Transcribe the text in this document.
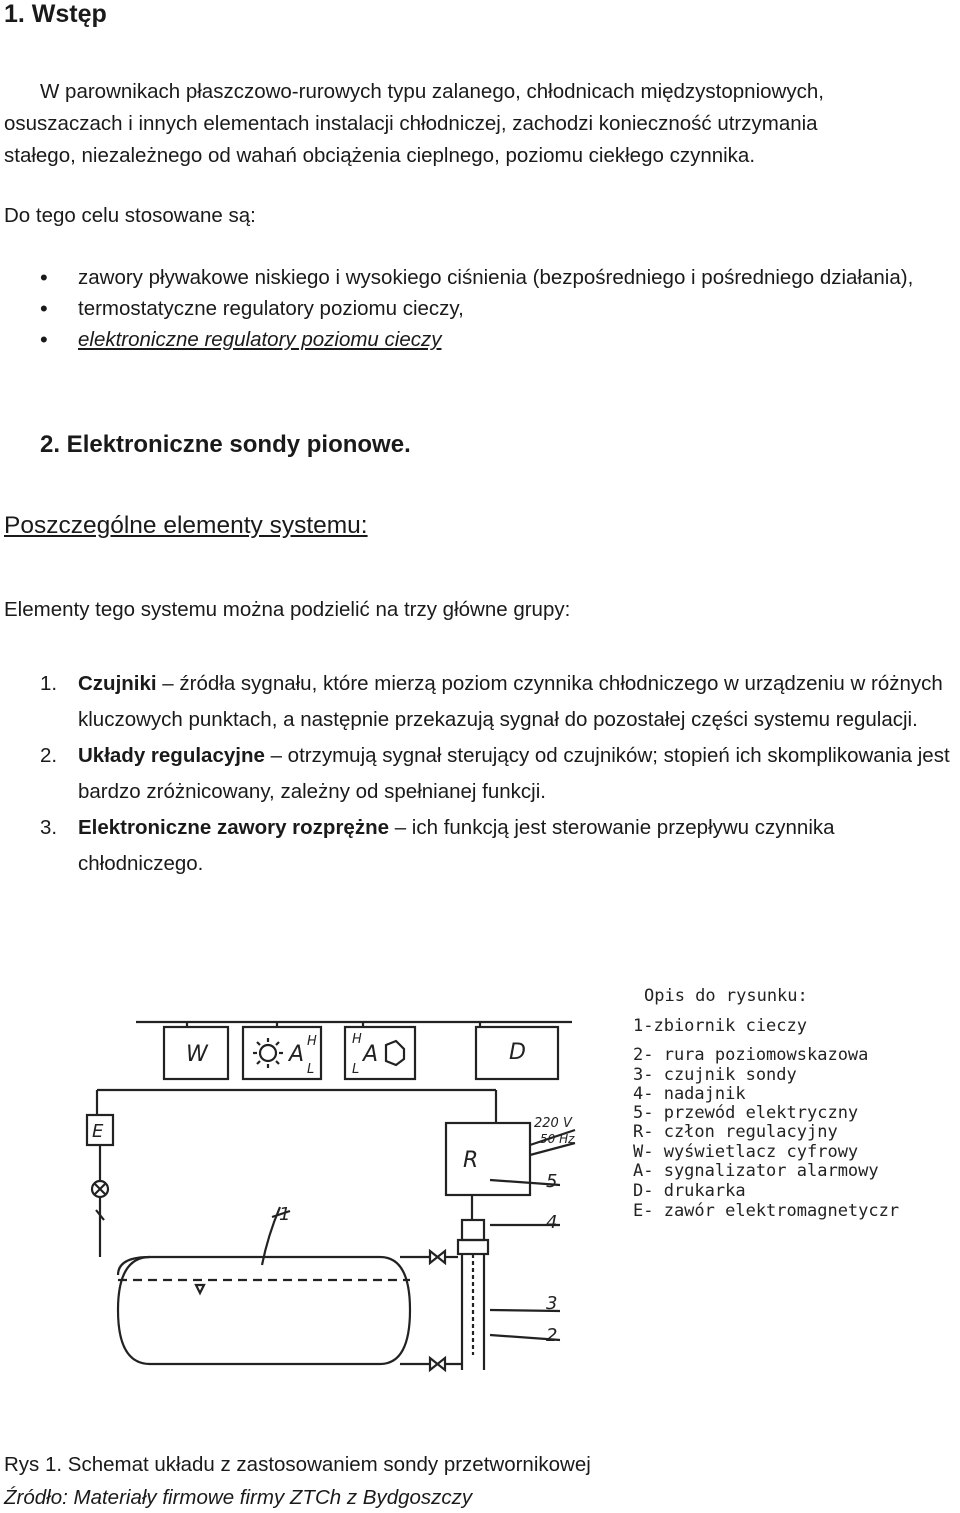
1. Wstęp
W parownikach płaszczowo-rurowych typu zalanego, chłodnicach międzystopniowych,
osuszaczach i innych elementach instalacji chłodniczej, zachodzi konieczność utrzymania
stałego, niezależnego od wahań obciążenia cieplnego, poziomu ciekłego czynnika.
Do tego celu stosowane są:
• zawory pływakowe niskiego i wysokiego ciśnienia (bezpośredniego i pośredniego działania),
• termostatyczne regulatory poziomu cieczy,
• elektroniczne regulatory poziomu cieczy
2. Elektroniczne sondy pionowe.
Poszczególne elementy systemu:
Elementy tego systemu można podzielić na trzy główne grupy:
1. Czujniki – źródła sygnału, które mierzą poziom czynnika chłodniczego w urządzeniu w różnych kluczowych punktach, a następnie przekazują sygnał do pozostałej części systemu regulacji.
2. Układy regulacyjne – otrzymują sygnał sterujący od czujników; stopień ich skomplikowania jest bardzo zróżnicowany, zależny od spełnianej funkcji.
3. Elektroniczne zawory rozprężne – ich funkcją jest sterowanie przepływu czynnika chłodniczego.
W	A
H
L
A
H
L
D
E
R
220 V
50 Hz
1
5
4
3
2
Opis do rysunku:
1-zbiornik cieczy
2- rura poziomowskazowa
3- czujnik sondy
4- nadajnik
5- przewód elektryczny
R- człon regulacyjny
W- wyświetlacz cyfrowy
A- sygnalizator alarmowy
D- drukarka
E- zawór elektromagnetyczr
Rys 1. Schemat układu z zastosowaniem sondy przetwornikowej
Źródło: Materiały firmowe firmy ZTCh z Bydgoszczy
